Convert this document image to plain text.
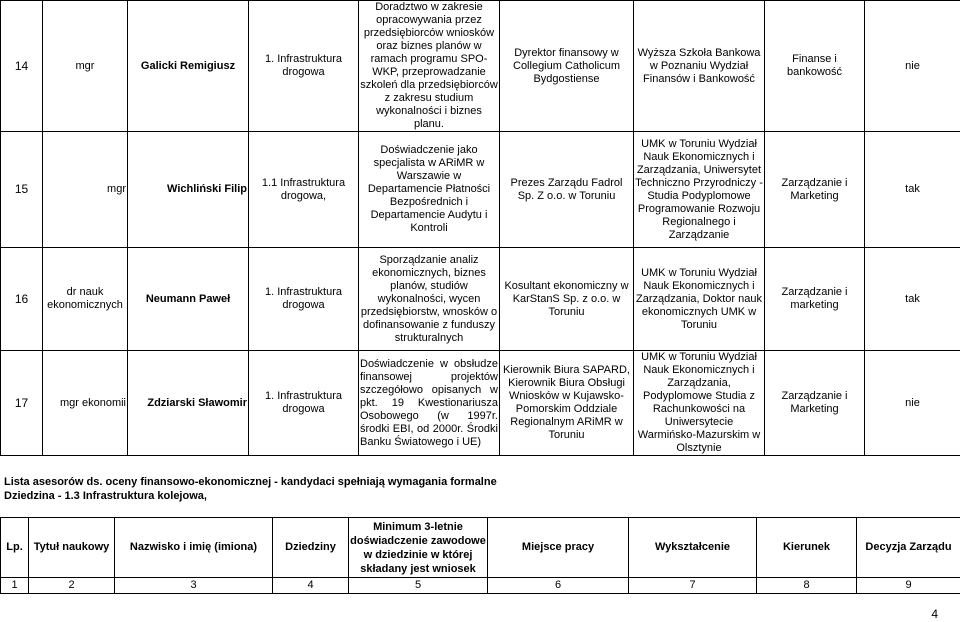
14	mgr	Galicki Remigiusz	1. Infrastruktura drogowa	Doradztwo w zakresie opracowywania przez przedsiębiorców wniosków oraz biznes planów w ramach programu SPO-WKP, przeprowadzanie szkoleń dla przedsiębiorców z zakresu studium wykonalności i biznes planu.	Dyrektor finansowy w Collegium Catholicum Bydgostiense	Wyższa Szkoła Bankowa w Poznaniu Wydział Finansów i Bankowość	Finanse i bankowość	nie
15	mgr	Wichliński Filip	1.1 Infrastruktura drogowa,	Doświadczenie jako specjalista w ARiMR w Warszawie w Departamencie Płatności Bezpośrednich i Departamencie Audytu i Kontroli	Prezes Zarządu Fadrol Sp. Z o.o. w Toruniu	UMK w Toruniu Wydział Nauk Ekonomicznych i Zarządzania, Uniwersytet Techniczno Przyrodniczy - Studia Podyplomowe Programowanie Rozwoju Regionalnego i Zarządzanie	Zarządzanie i Marketing	tak
16	dr nauk ekonomicznych	Neumann Paweł	1. Infrastruktura drogowa	Sporządzanie analiz ekonomicznych, biznes planów, studiów wykonalności, wycen przedsiębiorstw, wnosków o dofinansowanie z funduszy strukturalnych	Kosultant ekonomiczny w KarStanS Sp. z o.o. w Toruniu	UMK w Toruniu Wydział Nauk Ekonomicznych i Zarządzania, Doktor nauk ekonomicznych UMK w Toruniu	Zarządzanie i marketing	tak
17	mgr ekonomii	Zdziarski Sławomir	1. Infrastruktura drogowa	Doświadczenie w obsłudze finansowej projektów szczegółowo opisanych w pkt. 19 Kwestionariusza Osobowego (w 1997r. środki EBI, od 2000r. Środki Banku Światowego i UE)	Kierownik Biura SAPARD, Kierownik Biura Obsługi Wniosków w Kujawsko-Pomorskim Oddziale Regionalnym ARiMR w Toruniu	UMK w Toruniu Wydział Nauk Ekonomicznych i Zarządzania, Podyplomowe Studia z Rachunkowości na Uniwersytecie Warmińsko-Mazurskim w Olsztynie	Zarządzanie i Marketing	nie
Lista asesorów ds. oceny finansowo-ekonomicznej - kandydaci spełniają wymagania formalne
Dziedzina - 1.3 Infrastruktura kolejowa,
Lp.	Tytuł naukowy	Nazwisko i imię (imiona)	Dziedziny	Minimum 3-letnie doświadczenie zawodowe w dziedzinie w której składany jest wniosek	Miejsce pracy	Wykształcenie	Kierunek	Decyzja Zarządu
1	2	3	4	5	6	7	8	9
4
